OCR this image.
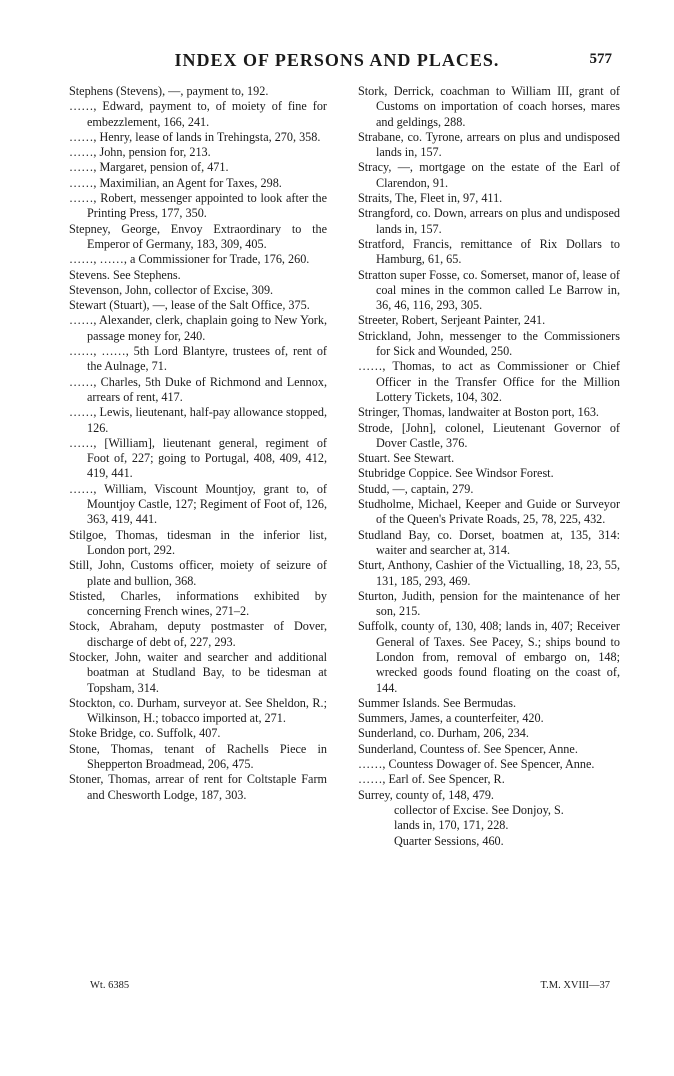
INDEX OF PERSONS AND PLACES.	577

Stephens (Stevens), —, payment to, 192.

……, Edward, payment to, of moiety of fine for embezzlement, 166, 241.

……, Henry, lease of lands in Trehingsta, 270, 358.

……, John, pension for, 213.

……, Margaret, pension of, 471.

……, Maximilian, an Agent for Taxes, 298.

……, Robert, messenger appointed to look after the Printing Press, 177, 350.

Stepney, George, Envoy Extraordinary to the Emperor of Germany, 183, 309, 405.

……, ……, a Commissioner for Trade, 176, 260.

Stevens. See Stephens.

Stevenson, John, collector of Excise, 309.

Stewart (Stuart), —, lease of the Salt Office, 375.

……, Alexander, clerk, chaplain going to New York, passage money for, 240.

……, ……, 5th Lord Blantyre, trustees of, rent of the Aulnage, 71.

……, Charles, 5th Duke of Richmond and Lennox, arrears of rent, 417.

……, Lewis, lieutenant, half-pay allowance stopped, 126.

……, [William], lieutenant general, regiment of Foot of, 227; going to Portugal, 408, 409, 412, 419, 441.

……, William, Viscount Mountjoy, grant to, of Mountjoy Castle, 127; Regiment of Foot of, 126, 363, 419, 441.

Stilgoe, Thomas, tidesman in the inferior list, London port, 292.

Still, John, Customs officer, moiety of seizure of plate and bullion, 368.

Stisted, Charles, informations exhibited by concerning French wines, 271–2.

Stock, Abraham, deputy postmaster of Dover, discharge of debt of, 227, 293.

Stocker, John, waiter and searcher and additional boatman at Studland Bay, to be tidesman at Topsham, 314.

Stockton, co. Durham, surveyor at. See Sheldon, R.; Wilkinson, H.; tobacco imported at, 271.

Stoke Bridge, co. Suffolk, 407.

Stone, Thomas, tenant of Rachells Piece in Shepperton Broadmead, 206, 475.

Stoner, Thomas, arrear of rent for Coltstaple Farm and Chesworth Lodge, 187, 303.

Stork, Derrick, coachman to William III, grant of Customs on importation of coach horses, mares and geldings, 288.

Strabane, co. Tyrone, arrears on plus and undisposed lands in, 157.

Stracy, —, mortgage on the estate of the Earl of Clarendon, 91.

Straits, The, Fleet in, 97, 411.

Strangford, co. Down, arrears on plus and undisposed lands in, 157.

Stratford, Francis, remittance of Rix Dollars to Hamburg, 61, 65.

Stratton super Fosse, co. Somerset, manor of, lease of coal mines in the common called Le Barrow in, 36, 46, 116, 293, 305.

Streeter, Robert, Serjeant Painter, 241.

Strickland, John, messenger to the Commissioners for Sick and Wounded, 250.

……, Thomas, to act as Commissioner or Chief Officer in the Transfer Office for the Million Lottery Tickets, 104, 302.

Stringer, Thomas, landwaiter at Boston port, 163.

Strode, [John], colonel, Lieutenant Governor of Dover Castle, 376.

Stuart. See Stewart.

Stubridge Coppice. See Windsor Forest.

Studd, —, captain, 279.

Studholme, Michael, Keeper and Guide or Surveyor of the Queen's Private Roads, 25, 78, 225, 432.

Studland Bay, co. Dorset, boatmen at, 135, 314: waiter and searcher at, 314.

Sturt, Anthony, Cashier of the Victualling, 18, 23, 55, 131, 185, 293, 469.

Sturton, Judith, pension for the maintenance of her son, 215.

Suffolk, county of, 130, 408; lands in, 407; Receiver General of Taxes. See Pacey, S.; ships bound to London from, removal of embargo on, 148; wrecked goods found floating on the coast of, 144.

Summer Islands. See Bermudas.

Summers, James, a counterfeiter, 420.

Sunderland, co. Durham, 206, 234.

Sunderland, Countess of. See Spencer, Anne.

……, Countess Dowager of. See Spencer, Anne.

……, Earl of. See Spencer, R.

Surrey, county of, 148, 479.

collector of Excise. See Donjoy, S.

lands in, 170, 171, 228.

Quarter Sessions, 460.

Wt. 6385	T.M. XVIII—37
